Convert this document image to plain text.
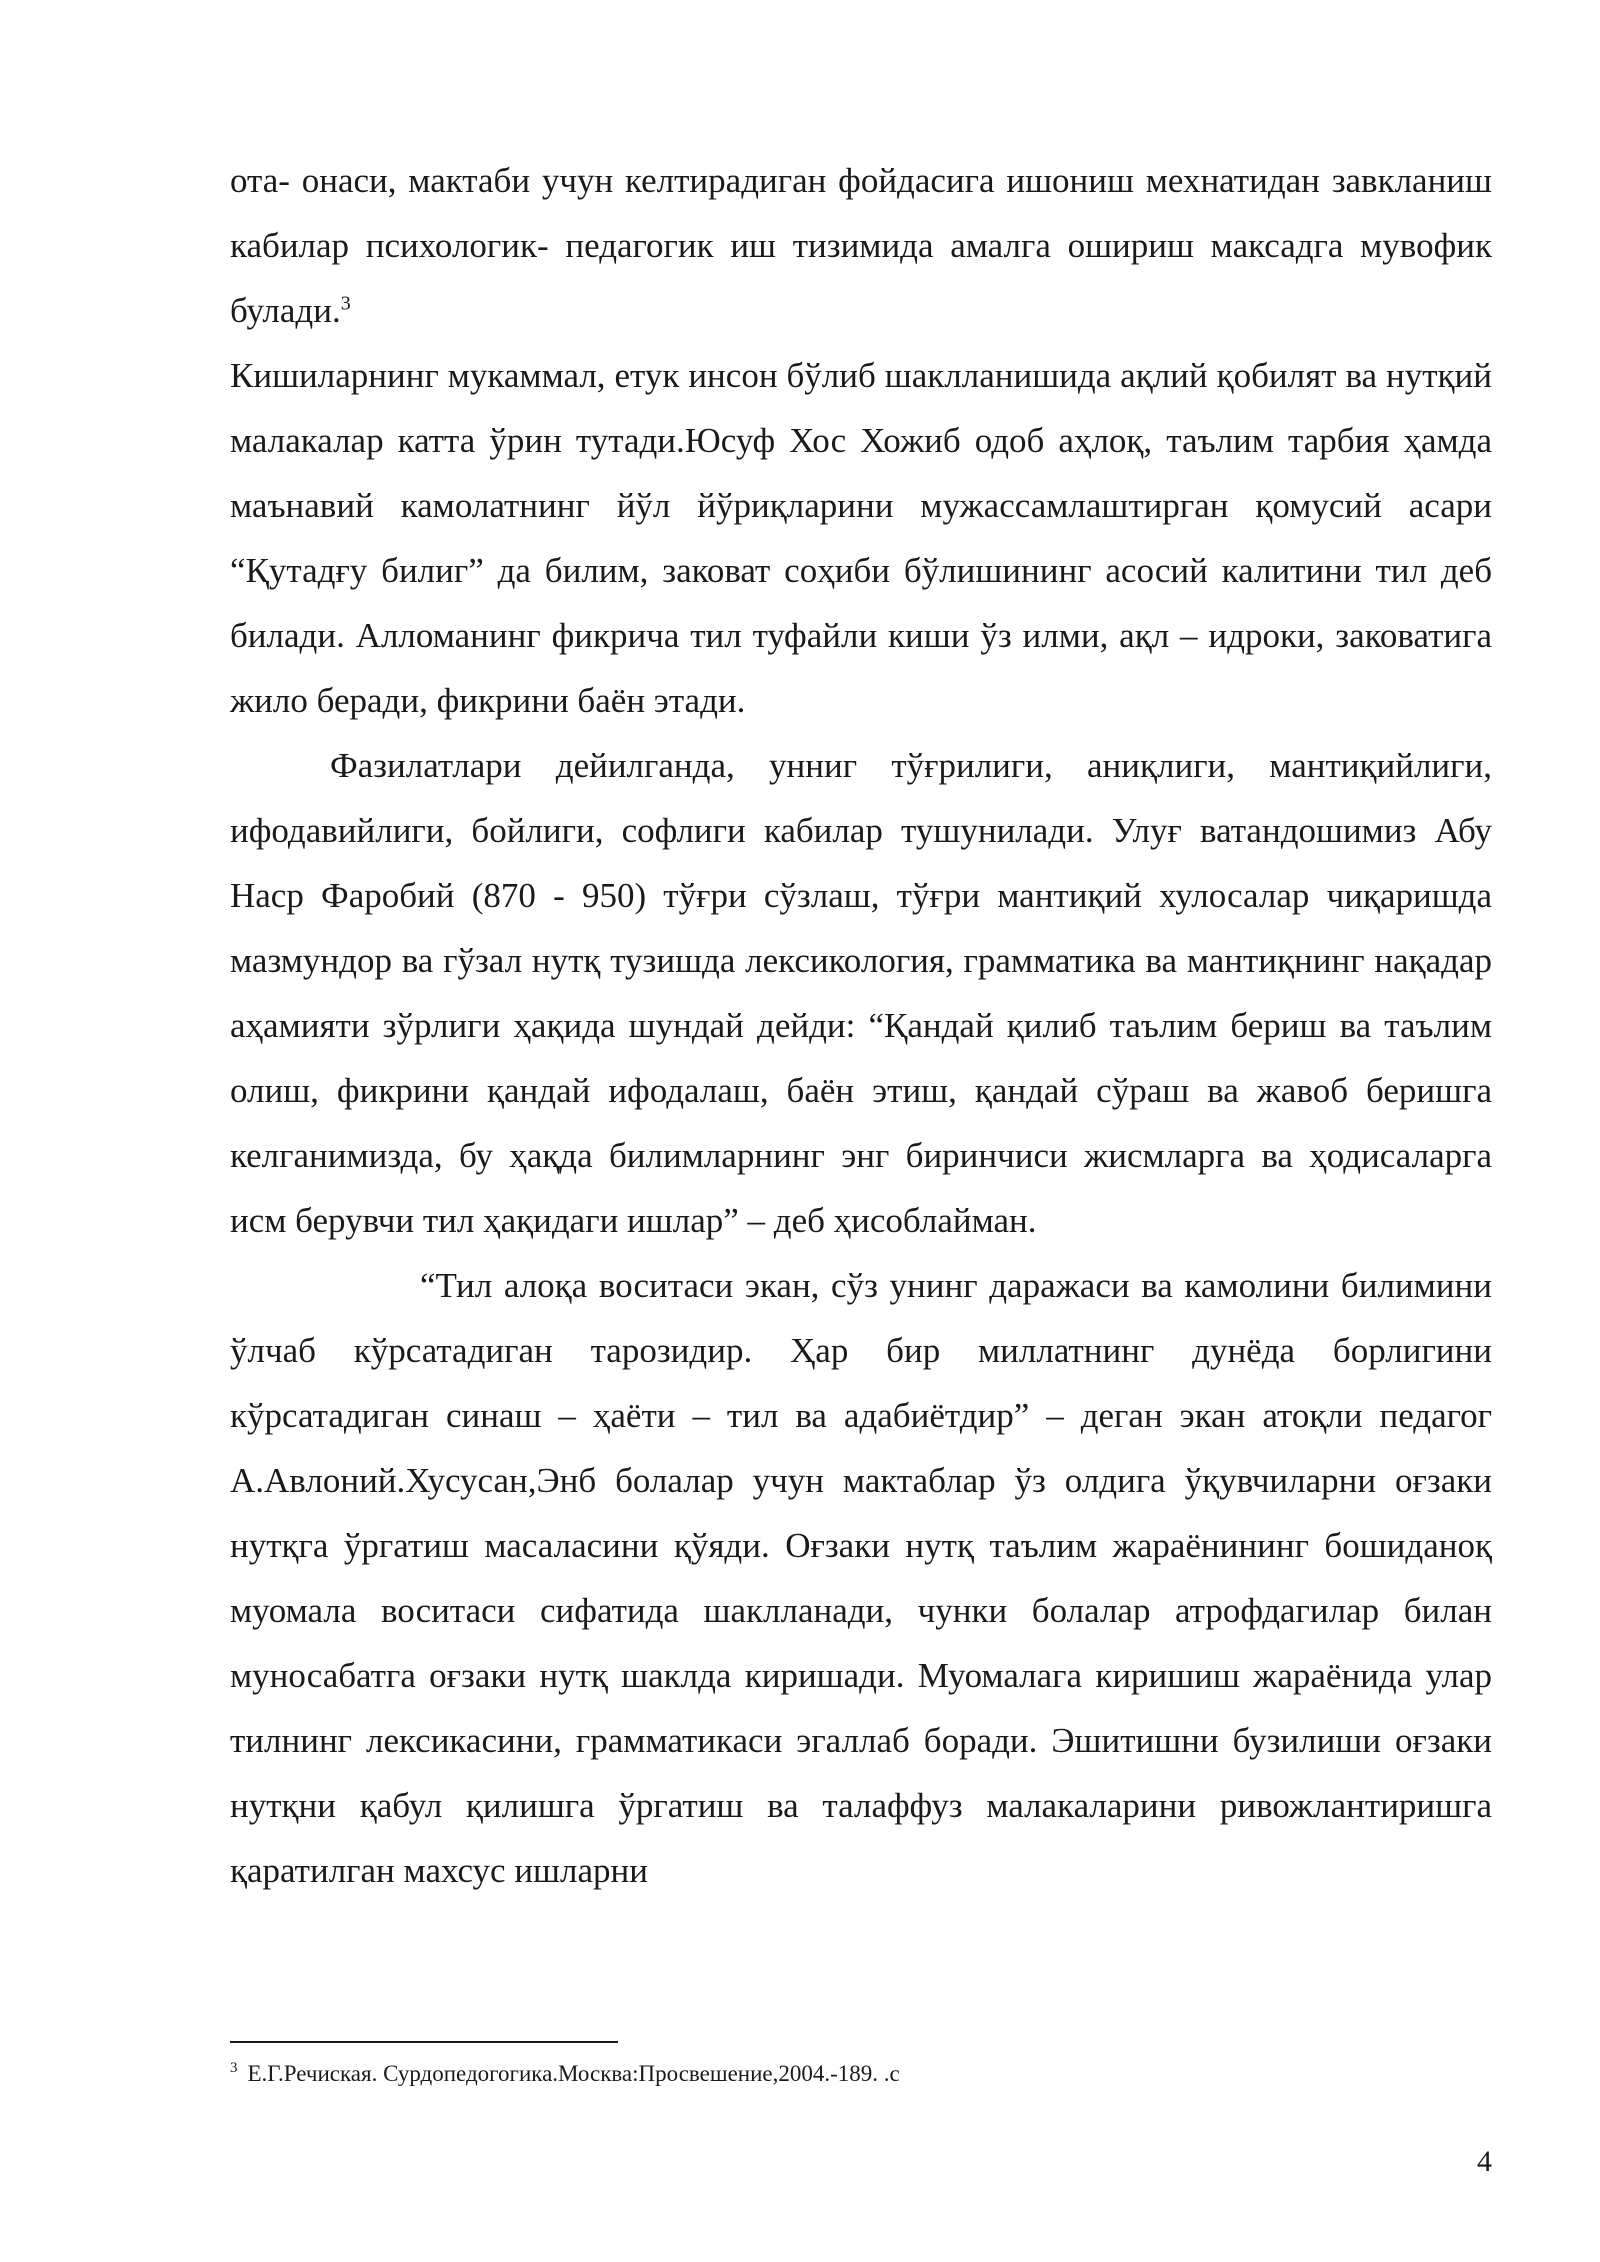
ота- онаси, мактаби учун келтирадиган фойдасига ишониш мехнатидан завкланиш кабилар психологик- педагогик иш тизимида амалга ошириш максадга мувофик булади.$^3$

Кишиларнинг мукаммал, етук инсон бўлиб шаклланишида ақлий қобилят ва нутқий малакалар катта ўрин тутади.Юсуф Хос Хожиб одоб аҳлоқ, таълим тарбия ҳамда маънавий камолатнинг йўл йўриқларини мужассамлаштирган қомусий асари “Қутадғу билиг” да билим, заковат соҳиби бўлишининг асосий калитини тил деб билади. Алломанинг фикрича тил туфайли киши ўз илми, ақл – идроки, заковатига жило беради, фикрини баён этади.

Фазилатлари дейилганда, унниг тўғрилиги, аниқлиги, мантиқийлиги, ифодавийлиги, бойлиги, софлиги кабилар тушунилади. Улуғ ватандошимиз Абу Наср Фаробий (870 - 950) тўғри сўзлаш, тўғри мантиқий хулосалар чиқаришда мазмундор ва гўзал нутқ тузишда лексикология, грамматика ва мантиқнинг нақадар аҳамияти зўрлиги ҳақида шундай дейди: “Қандай қилиб таълим бериш ва таълим олиш, фикрини қандай ифодалаш, баён этиш, қандай сўраш ва жавоб беришга келганимизда, бу ҳақда билимларнинг энг биринчиси жисмларга ва ҳодисаларга исм берувчи тил ҳақидаги ишлар” – деб ҳисоблайман.

“Тил алоқа воситаси экан, сўз унинг даражаси ва камолини билимини ўлчаб кўрсатадиган тарозидир. Ҳар бир миллатнинг дунёда борлигини кўрсатадиган синаш – ҳаёти – тил ва адабиётдир” – деган экан атоқли педагог А.Авлоний.Хусусан,Энб болалар учун мактаблар ўз олдига ўқувчиларни оғзаки нутқга ўргатиш масаласини қўяди. Оғзаки нутқ таълим жараёнининг бошиданоқ муомала воситаси сифатида шаклланади, чунки болалар атрофдагилар билан муносабатга оғзаки нутқ шаклда киришади. Муомалага киришиш жараёнида улар тилнинг лексикасини, грамматикаси эгаллаб боради. Эшитишни бузилиши оғзаки нутқни қабул қилишга ўргатиш ва талаффуз малакаларини ривожлантиришга қаратилган махсус ишларни

$^3$ Е.Г.Речиская. Сурдопедогогика.Москва:Просвешение,2004.-189. .с
4
